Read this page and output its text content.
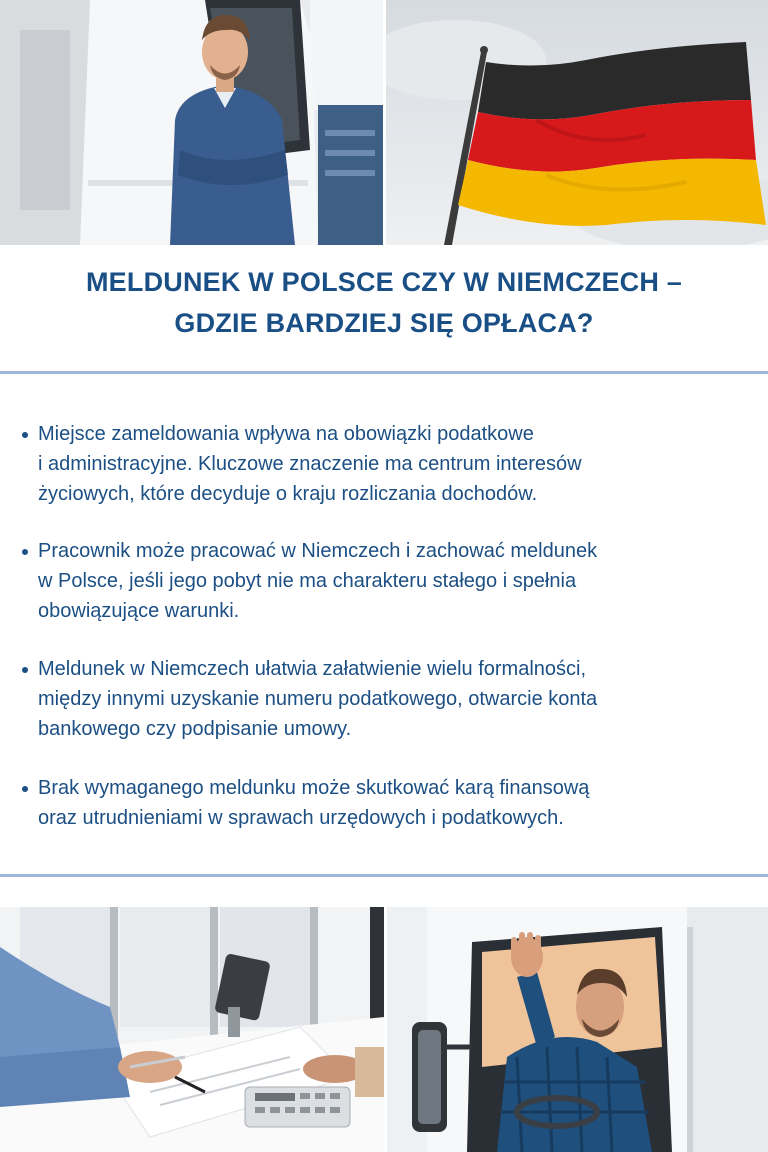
MELDUNEK W POLSCE CZY W NIEMCZECH –
GDZIE BARDZIEJ SIĘ OPŁACA?

Miejsce zameldowania wpływa na obowiązki podatkowe

i administracyjne. Kluczowe znaczenie ma centrum interesów

życiowych, które decyduje o kraju rozliczania dochodów.

Pracownik może pracować w Niemczech i zachować meldunek

w Polsce, jeśli jego pobyt nie ma charakteru stałego i spełnia

obowiązujące warunki.

Meldunek w Niemczech ułatwia załatwienie wielu formalności,

między innymi uzyskanie numeru podatkowego, otwarcie konta

bankowego czy podpisanie umowy.

Brak wymaganego meldunku może skutkować karą finansową

oraz utrudnieniami w sprawach urzędowych i podatkowych.
